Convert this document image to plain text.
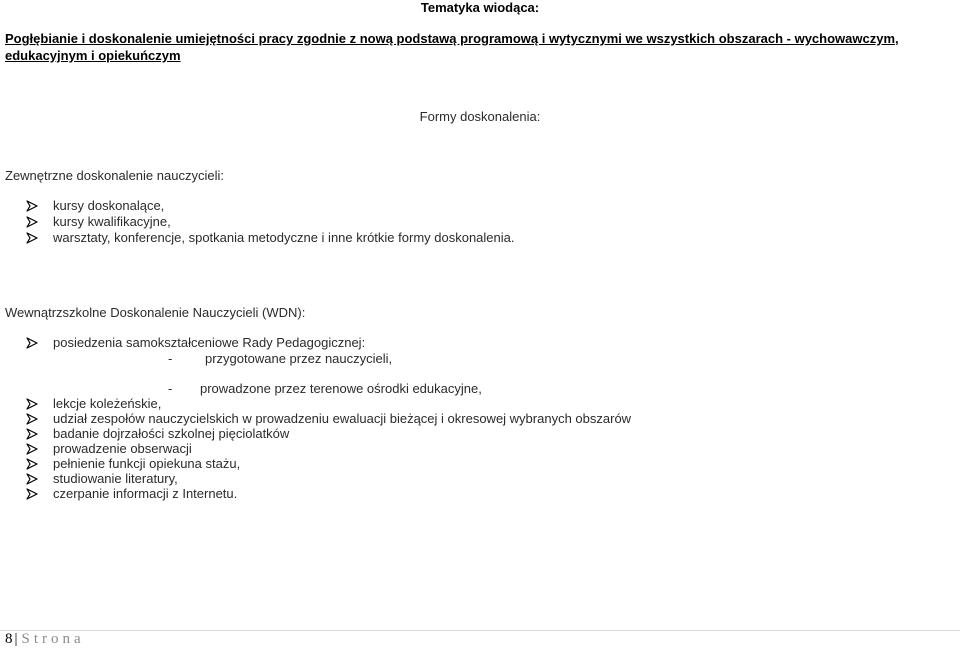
Tematyka wiodąca:
Pogłębianie i doskonalenie umiejętności pracy zgodnie z nową podstawą programową i wytycznymi we wszystkich obszarach - wychowawczym,
edukacyjnym i opiekuńczym
Formy doskonalenia:
Zewnętrzne doskonalenie nauczycieli:
kursy doskonalące,
kursy kwalifikacyjne,
warsztaty, konferencje, spotkania metodyczne i inne krótkie formy doskonalenia.
Wewnątrzszkolne Doskonalenie Nauczycieli (WDN):
posiedzenia samokształceniowe Rady Pedagogicznej:
-	przygotowane przez nauczycieli,
- prowadzone przez terenowe ośrodki edukacyjne,
lekcje koleżeńskie,
udział zespołów nauczycielskich w prowadzeniu ewaluacji bieżącej i okresowej wybranych obszarów
badanie dojrzałości szkolnej pięciolatków
prowadzenie obserwacji
pełnienie funkcji opiekuna stażu,
studiowanie literatury,
czerpanie informacji z Internetu.
8 | Strona
